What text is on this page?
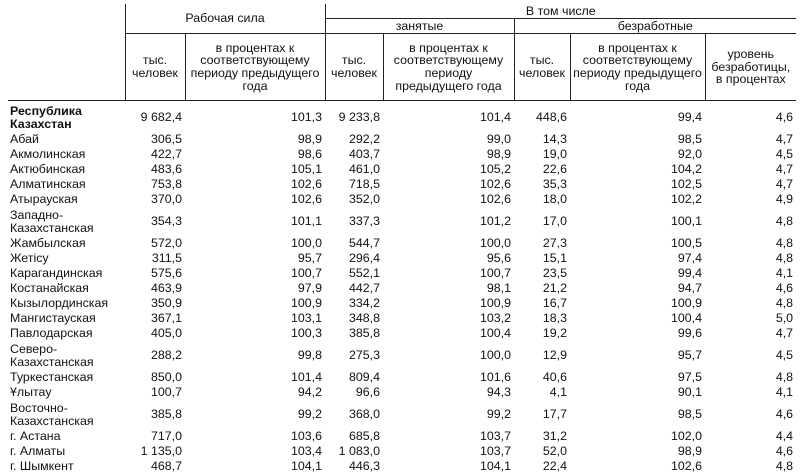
	Рабочая сила		В том числе				
			занятые		безработные		
	тыс. человек	в процентах к соответствующему периоду предыдущего года	тыс. человек	в процентах к соответствующему периоду предыдущего года	тыс. человек	в процентах к соответствующему периоду предыдущего года	уровень безработицы, в процентах
Республика Казахстан	9 682,4	101,3	9 233,8	101,4	448,6	99,4	4,6
Абай	306,5	98,9	292,2	99,0	14,3	98,5	4,7
Акмолинская	422,7	98,6	403,7	98,9	19,0	92,0	4,5
Актюбинская	483,6	105,1	461,0	105,2	22,6	104,2	4,7
Алматинская	753,8	102,6	718,5	102,6	35,3	102,5	4,7
Атырауская	370,0	102,6	352,0	102,6	18,0	102,2	4,9
Западно-Казахстанская	354,3	101,1	337,3	101,2	17,0	100,1	4,8
Жамбылская	572,0	100,0	544,7	100,0	27,3	100,5	4,8
Жетісу	311,5	95,7	296,4	95,6	15,1	97,4	4,8
Карагандинская	575,6	100,7	552,1	100,7	23,5	99,4	4,1
Костанайская	463,9	97,9	442,7	98,1	21,2	94,7	4,6
Кызылординская	350,9	100,9	334,2	100,9	16,7	100,9	4,8
Мангистауская	367,1	103,1	348,8	103,2	18,3	100,4	5,0
Павлодарская	405,0	100,3	385,8	100,4	19,2	99,6	4,7
Северо-Казахстанская	288,2	99,8	275,3	100,0	12,9	95,7	4,5
Туркестанская	850,0	101,4	809,4	101,6	40,6	97,5	4,8
Ұлытау	100,7	94,2	96,6	94,3	4,1	90,1	4,1
Восточно-Казахстанская	385,8	99,2	368,0	99,2	17,7	98,5	4,6
г. Астана	717,0	103,6	685,8	103,7	31,2	102,0	4,4
г. Алматы	1 135,0	103,4	1 083,0	103,7	52,0	98,9	4,6
г. Шымкент	468,7	104,1	446,3	104,1	22,4	102,6	4,8
